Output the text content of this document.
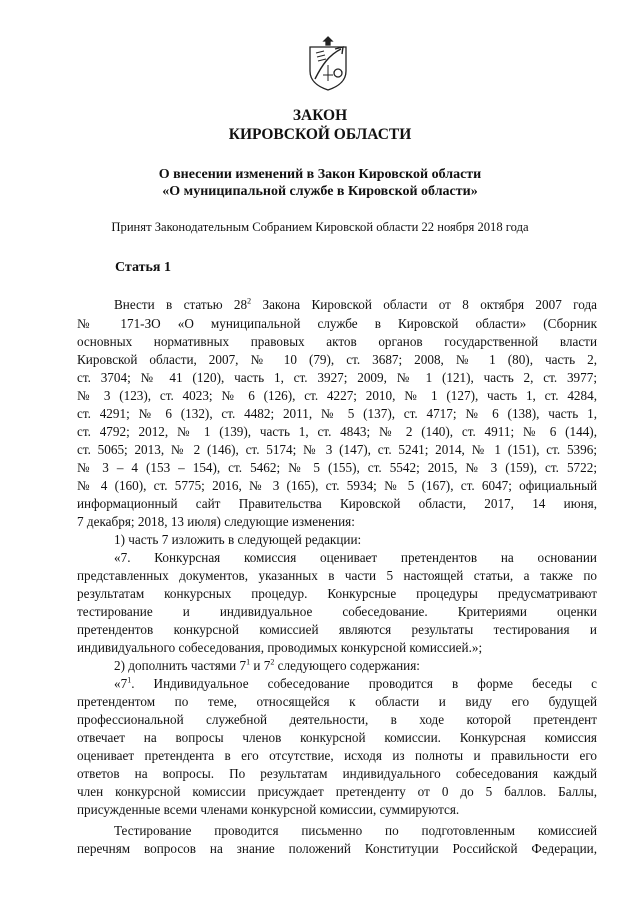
ЗАКОН
КИРОВСКОЙ ОБЛАСТИ
О внесении изменений в Закон Кировской области
«О муниципальной службе в Кировской области»
Принят Законодательным Собранием Кировской области 22 ноября 2018 года
Статья 1
Внести в статью $28^2$ Закона Кировской области от 8 октября 2007 года
№ 171-ЗО «О муниципальной службе в Кировской области» (Сборник
основных нормативных правовых актов органов государственной власти
Кировской области, 2007, № 10 (79), ст. 3687; 2008, № 1 (80), часть 2,
ст. 3704; № 41 (120), часть 1, ст. 3927; 2009, № 1 (121), часть 2, ст. 3977;
№ 3 (123), ст. 4023; № 6 (126), ст. 4227; 2010, № 1 (127), часть 1, ст. 4284,
ст. 4291; № 6 (132), ст. 4482; 2011, № 5 (137), ст. 4717; № 6 (138), часть 1,
ст. 4792; 2012, № 1 (139), часть 1, ст. 4843; № 2 (140), ст. 4911; № 6 (144),
ст. 5065; 2013, № 2 (146), ст. 5174; № 3 (147), ст. 5241; 2014, № 1 (151), ст. 5396;
№ 3 – 4 (153 – 154), ст. 5462; № 5 (155), ст. 5542; 2015, № 3 (159), ст. 5722;
№ 4 (160), ст. 5775; 2016, № 3 (165), ст. 5934; № 5 (167), ст. 6047; официальный
информационный сайт Правительства Кировской области, 2017, 14 июня,
7 декабря; 2018, 13 июля) следующие изменения:
1) часть 7 изложить в следующей редакции:
«7. Конкурсная комиссия оценивает претендентов на основании
представленных документов, указанных в части 5 настоящей статьи, а также по
результатам конкурсных процедур. Конкурсные процедуры предусматривают
тестирование и индивидуальное собеседование. Критериями оценки
претендентов конкурсной комиссией являются результаты тестирования и
индивидуального собеседования, проводимых конкурсной комиссией.»;
2) дополнить частями $7^1$ и $7^2$ следующего содержания:
«$7^1$. Индивидуальное собеседование проводится в форме беседы с
претендентом по теме, относящейся к области и виду его будущей
профессиональной служебной деятельности, в ходе которой претендент
отвечает на вопросы членов конкурсной комиссии. Конкурсная комиссия
оценивает претендента в его отсутствие, исходя из полноты и правильности его
ответов на вопросы. По результатам индивидуального собеседования каждый
член конкурсной комиссии присуждает претенденту от 0 до 5 баллов. Баллы,
присужденные всеми членами конкурсной комиссии, суммируются.
Тестирование проводится письменно по подготовленным комиссией
перечням вопросов на знание положений Конституции Российской Федерации,
